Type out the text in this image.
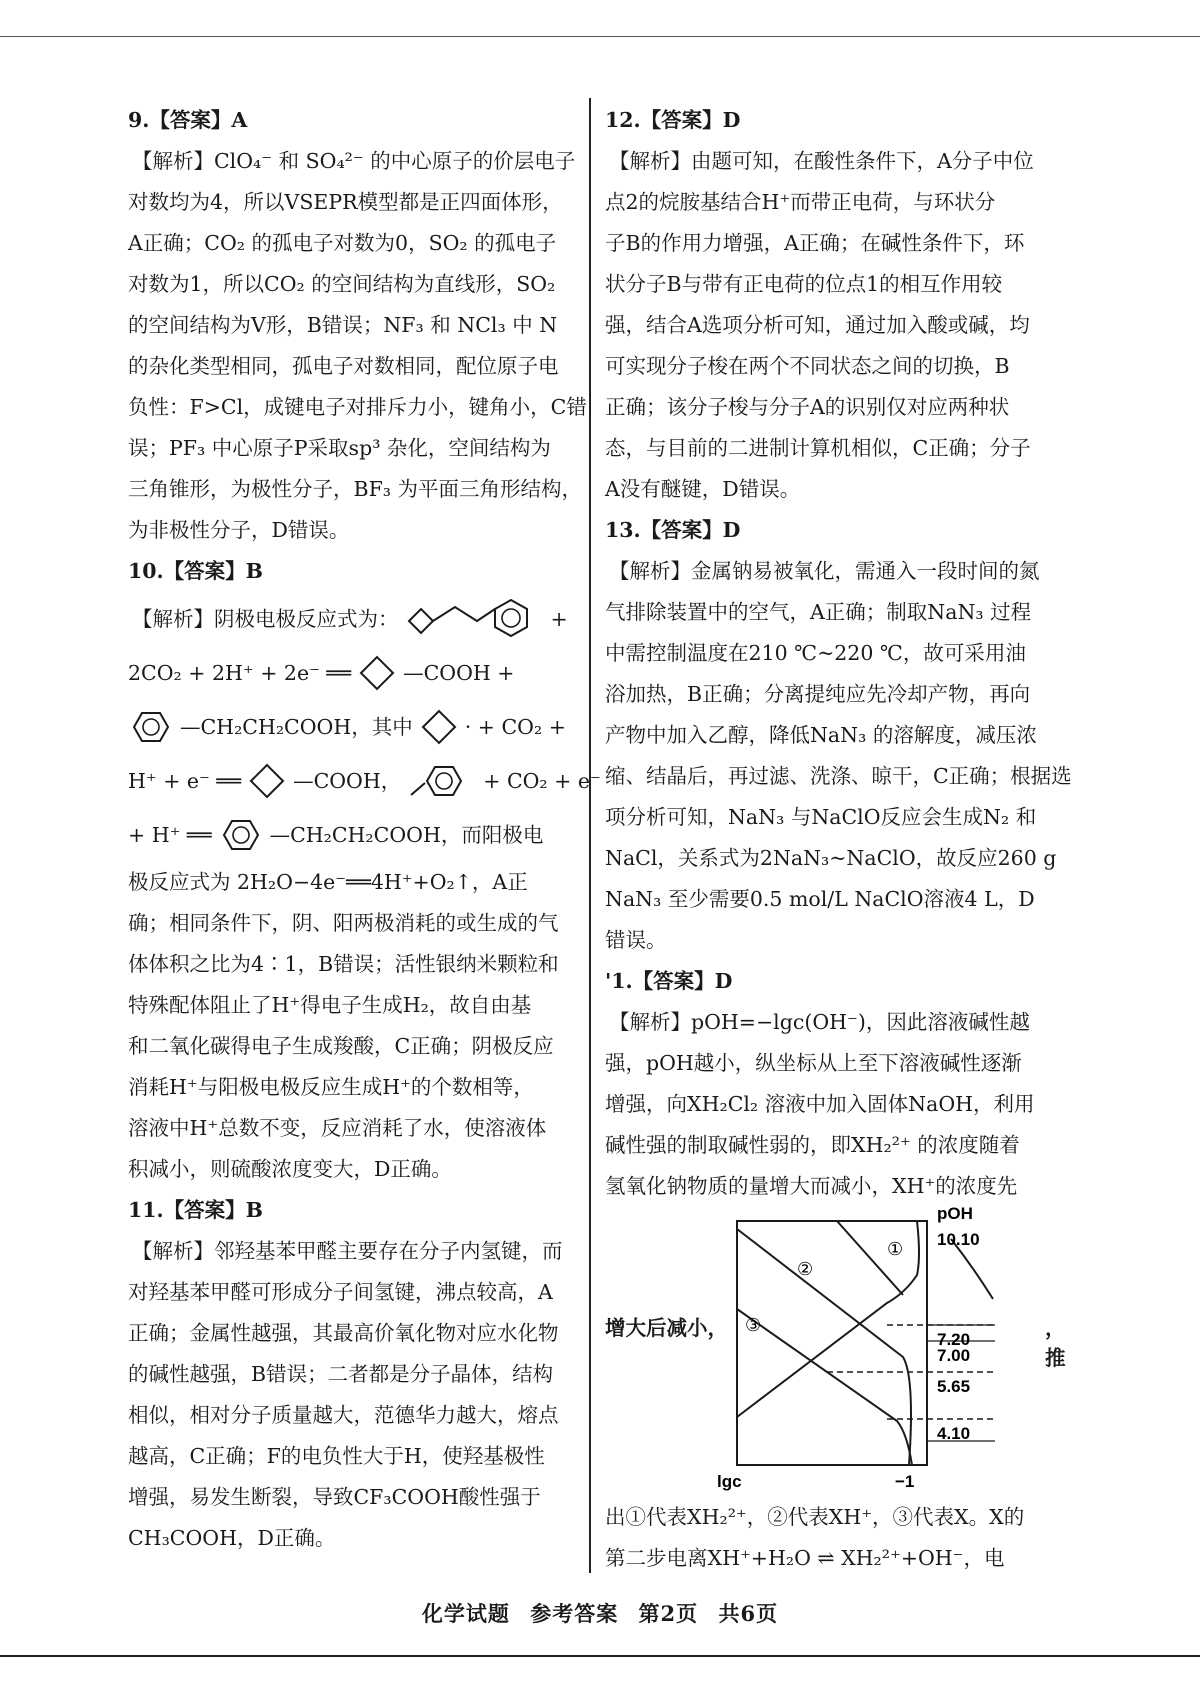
9.【答案】A
【解析】ClO₄⁻ 和 SO₄²⁻ 的中心原子的价层电子
对数均为4，所以VSEPR模型都是正四面体形，
A正确；CO₂ 的孤电子对数为0，SO₂ 的孤电子
对数为1，所以CO₂ 的空间结构为直线形，SO₂
的空间结构为V形，B错误；NF₃ 和 NCl₃ 中 N
的杂化类型相同，孤电子对数相同，配位原子电
负性：F>Cl，成键电子对排斥力小，键角小，C错
误；PF₃ 中心原子P采取sp³ 杂化，空间结构为
三角锥形，为极性分子，BF₃ 为平面三角形结构，
为非极性分子，D错误。
10.【答案】B
【解析】阴极电极反应式为：	+
2CO₂ + 2H⁺ + 2e⁻ ══	—COOH +
—CH₂CH₂COOH，其中	· + CO₂ +
H⁺ + e⁻ ══	—COOH，	+ CO₂ + e⁻
+ H⁺ ══	—CH₂CH₂COOH，而阳极电
极反应式为 2H₂O−4e⁻══4H⁺+O₂↑，A正
确；相同条件下，阴、阳两极消耗的或生成的气
体体积之比为4∶1，B错误；活性银纳米颗粒和
特殊配体阻止了H⁺得电子生成H₂，故自由基
和二氧化碳得电子生成羧酸，C正确；阴极反应
消耗H⁺与阳极电极反应生成H⁺的个数相等，
溶液中H⁺总数不变，反应消耗了水，使溶液体
积减小，则硫酸浓度变大，D正确。
11.【答案】B
【解析】邻羟基苯甲醛主要存在分子内氢键，而
对羟基苯甲醛可形成分子间氢键，沸点较高，A
正确；金属性越强，其最高价氧化物对应水化物
的碱性越强，B错误；二者都是分子晶体，结构
相似，相对分子质量越大，范德华力越大，熔点
越高，C正确；F的电负性大于H，使羟基极性
增强，易发生断裂，导致CF₃COOH酸性强于
CH₃COOH，D正确。
12.【答案】D
【解析】由题可知，在酸性条件下，A分子中位
点2的烷胺基结合H⁺而带正电荷，与环状分
子B的作用力增强，A正确；在碱性条件下，环
状分子B与带有正电荷的位点1的相互作用较
强，结合A选项分析可知，通过加入酸或碱，均
可实现分子梭在两个不同状态之间的切换，B
正确；该分子梭与分子A的识别仅对应两种状
态，与目前的二进制计算机相似，C正确；分子
A没有醚键，D错误。
13.【答案】D
【解析】金属钠易被氧化，需通入一段时间的氮
气排除装置中的空气，A正确；制取NaN₃ 过程
中需控制温度在210 ℃~220 ℃，故可采用油
浴加热，B正确；分离提纯应先冷却产物，再向
产物中加入乙醇，降低NaN₃ 的溶解度，减压浓
缩、结晶后，再过滤、洗涤、晾干，C正确；根据选
项分析可知，NaN₃ 与NaClO反应会生成N₂ 和
NaCl，关系式为2NaN₃~NaClO，故反应260 g
NaN₃ 至少需要0.5 mol/L NaClO溶液4 L，D
错误。
'1.【答案】D
【解析】pOH=−lgc(OH⁻)，因此溶液碱性越
强，pOH越小，纵坐标从上至下溶液碱性逐渐
增强，向XH₂Cl₂ 溶液中加入固体NaOH，利用
碱性强的制取碱性弱的，即XH₂²⁺ 的浓度随着
氢氧化钠物质的量增大而减小，XH⁺的浓度先
增大后减小，
10.10
7.20
7.00
5.65
4.10
pOH
lgc	−1
①
②
③	，推
出①代表XH₂²⁺，②代表XH⁺，③代表X。X的
第二步电离XH⁺+H₂O ⇌ XH₂²⁺+OH⁻，电
化学试题 参考答案 第2页 共6页
